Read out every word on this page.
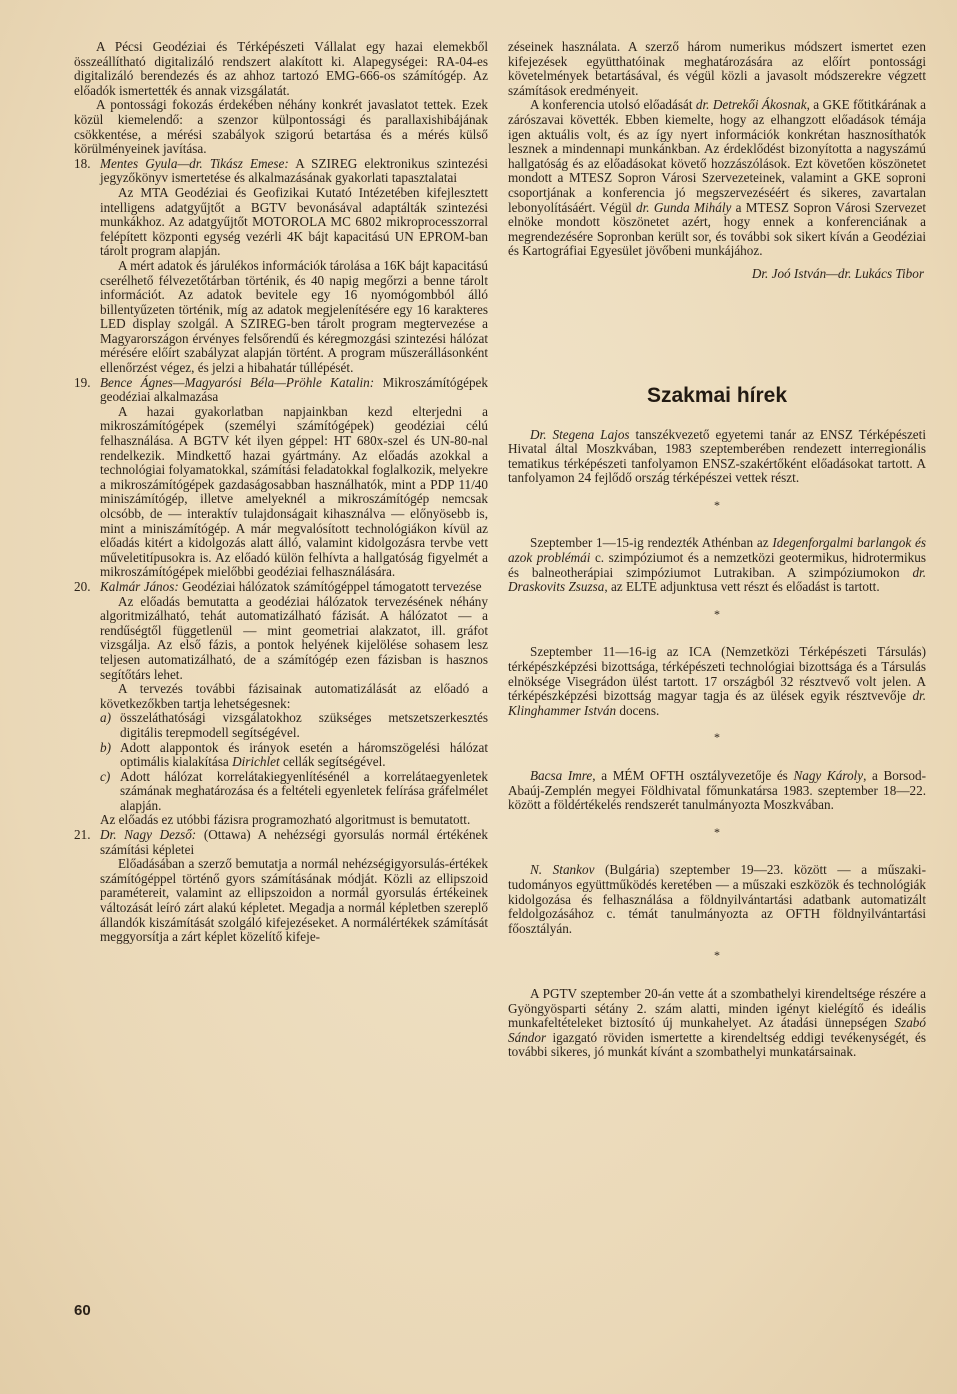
A Pécsi Geodéziai és Térképészeti Vállalat egy hazai elemekből összeállítható digitalizáló rendszert alakított ki. Alapegységei: RA-04-es digitalizáló berendezés és az ahhoz tartozó EMG-666-os számítógép. Az előadók ismertették és annak vizsgálatát.

A pontossági fokozás érdekében néhány konkrét javaslatot tettek. Ezek közül kiemelendő: a szenzor külpontossági és parallaxishibájának csökkentése, a mérési szabályok szigorú betartása és a mérés külső körülményeinek javítása.

18. Mentes Gyula—dr. Tikász Emese: A SZIREG elektronikus szintezési jegyzőkönyv ismertetése és alkalmazásának gyakorlati tapasztalatai

Az MTA Geodéziai és Geofizikai Kutató Intézetében kifejlesztett intelligens adatgyűjtőt a BGTV bevonásával adaptálták szintezési munkákhoz. Az adatgyűjtőt MOTOROLA MC 6802 mikroprocesszorral felépített központi egység vezérli 4K bájt kapacitású UN EPROM-ban tárolt program alapján.

A mért adatok és járulékos információk tárolása a 16K bájt kapacitású cserélhető félvezetőtárban történik, és 40 napig megőrzi a benne tárolt információt. Az adatok bevitele egy 16 nyomógombból álló billentyűzeten történik, míg az adatok megjelenítésére egy 16 karakteres LED display szolgál. A SZIREG-ben tárolt program megtervezése a Magyarországon érvényes felsőrendű és kéregmozgási szintezési hálózat mérésére előírt szabályzat alapján történt. A program műszerállásonként ellenőrzést végez, és jelzi a hibahatár túllépését.

19. Bence Ágnes—Magyarósi Béla—Pröhle Katalin: Mikroszámítógépek geodéziai alkalmazása

A hazai gyakorlatban napjainkban kezd elterjedni a mikroszámítógépek (személyi számítógépek) geodéziai célú felhasználása. A BGTV két ilyen géppel: HT 680x-szel és UN-80-nal rendelkezik. Mindkettő hazai gyártmány. Az előadás azokkal a technológiai folyamatokkal, számítási feladatokkal foglalkozik, melyekre a mikroszámítógépek gazdaságosabban használhatók, mint a PDP 11/40 miniszámítógép, illetve amelyeknél a mikroszámítógép nemcsak olcsóbb, de — interaktív tulajdonságait kihasználva — előnyösebb is, mint a miniszámítógép. A már megvalósított technológiákon kívül az előadás kitért a kidolgozás alatt álló, valamint kidolgozásra tervbe vett műveletitípusokra is. Az előadó külön felhívta a hallgatóság figyelmét a mikroszámítógépek mielőbbi geodéziai felhasználására.

20. Kalmár János: Geodéziai hálózatok számítógéppel támogatott tervezése

Az előadás bemutatta a geodéziai hálózatok tervezésének néhány algoritmizálható, tehát automatizálható fázisát. A hálózatot — a rendűségtől függetlenül — mint geometriai alakzatot, ill. gráfot vizsgálja. Az első fázis, a pontok helyének kijelölése sohasem lesz teljesen automatizálható, de a számítógép ezen fázisban is hasznos segítőtárs lehet.

A tervezés további fázisainak automatizálását az előadó a következőkben tartja lehetségesnek:

a) összeláthatósági vizsgálatokhoz szükséges metszetszerkesztés digitális terepmodell segítségével.

b) Adott alappontok és irányok esetén a háromszögelési hálózat optimális kialakítása Dirichlet cellák segítségével.

c) Adott hálózat korrelátakiegyenlítésénél a korrelátaegyenletek számának meghatározása és a feltételi egyenletek felírása gráfelmélet alapján.

Az előadás ez utóbbi fázisra programozható algoritmust is bemutatott.

21. Dr. Nagy Dezső: (Ottawa) A nehézségi gyorsulás normál értékének számítási képletei

Előadásában a szerző bemutatja a normál nehézségigyorsulás-értékek számítógéppel történő gyors számításának módját. Közli az ellipszoid paramétereit, valamint az ellipszoidon a normál gyorsulás értékeinek változását leíró zárt alakú képletet. Megadja a normál képletben szereplő állandók kiszámítását szolgáló kifejezéseket. A normálértékek számítását meggyorsítja a zárt képlet közelítő kifeje-

zéseinek használata. A szerző három numerikus módszert ismertet ezen kifejezések együtthatóinak meghatározására az előírt pontossági követelmények betartásával, és végül közli a javasolt módszerekre végzett számítások eredményeit.

A konferencia utolsó előadását dr. Detrekői Ákosnak, a GKE főtitkárának a zárószavai követték. Ebben kiemelte, hogy az elhangzott előadások témája igen aktuális volt, és az így nyert információk konkrétan hasznosíthatók lesznek a mindennapi munkánkban. Az érdeklődést bizonyította a nagyszámú hallgatóság és az előadásokat követő hozzászólások. Ezt követően köszönetet mondott a MTESZ Sopron Városi Szervezeteinek, valamint a GKE soproni csoportjának a konferencia jó megszervezéséért és sikeres, zavartalan lebonyolításáért. Végül dr. Gunda Mihály a MTESZ Sopron Városi Szervezet elnöke mondott köszönetet azért, hogy ennek a konferenciának a megrendezésére Sopronban került sor, és további sok sikert kíván a Geodéziai és Kartográfiai Egyesület jövőbeni munkájához.

Dr. Joó István—dr. Lukács Tibor

Szakmai hírek

Dr. Stegena Lajos tanszékvezető egyetemi tanár az ENSZ Térképészeti Hivatal által Moszkvában, 1983 szeptemberében rendezett interregionális tematikus térképészeti tanfolyamon ENSZ-szakértőként előadásokat tartott. A tanfolyamon 24 fejlődő ország térképészei vettek részt.

*

Szeptember 1—15-ig rendezték Athénban az Idegenforgalmi barlangok és azok problémái c. szimpóziumot és a nemzetközi geotermikus, hidrotermikus és balneotherápiai szimpóziumot Lutrakiban. A szimpóziumokon dr. Draskovits Zsuzsa, az ELTE adjunktusa vett részt és előadást is tartott.

*

Szeptember 11—16-ig az ICA (Nemzetközi Térképészeti Társulás) térképészképzési bizottsága, térképészeti technológiai bizottsága és a Társulás elnöksége Visegrádon ülést tartott. 17 országból 32 résztvevő volt jelen. A térképészképzési bizottság magyar tagja és az ülések egyik résztvevője dr. Klinghammer István docens.

*

Bacsa Imre, a MÉM OFTH osztályvezetője és Nagy Károly, a Borsod-Abaúj-Zemplén megyei Földhivatal főmunkatársa 1983. szeptember 18—22. között a földértékelés rendszerét tanulmányozta Moszkvában.

*

N. Stankov (Bulgária) szeptember 19—23. között — a műszaki-tudományos együttműködés keretében — a műszaki eszközök és technológiák kidolgozása és felhasználása a földnyilvántartási adatbank automatizált feldolgozásához c. témát tanulmányozta az OFTH földnyilvántartási főosztályán.

*

A PGTV szeptember 20-án vette át a szombathelyi kirendeltsége részére a Gyöngyösparti sétány 2. szám alatti, minden igényt kielégítő és ideális munkafeltételeket biztosító új munkahelyet. Az átadási ünnepségen Szabó Sándor igazgató röviden ismertette a kirendeltség eddigi tevékenységét, és további sikeres, jó munkát kívánt a szombathelyi munkatársainak.

60
